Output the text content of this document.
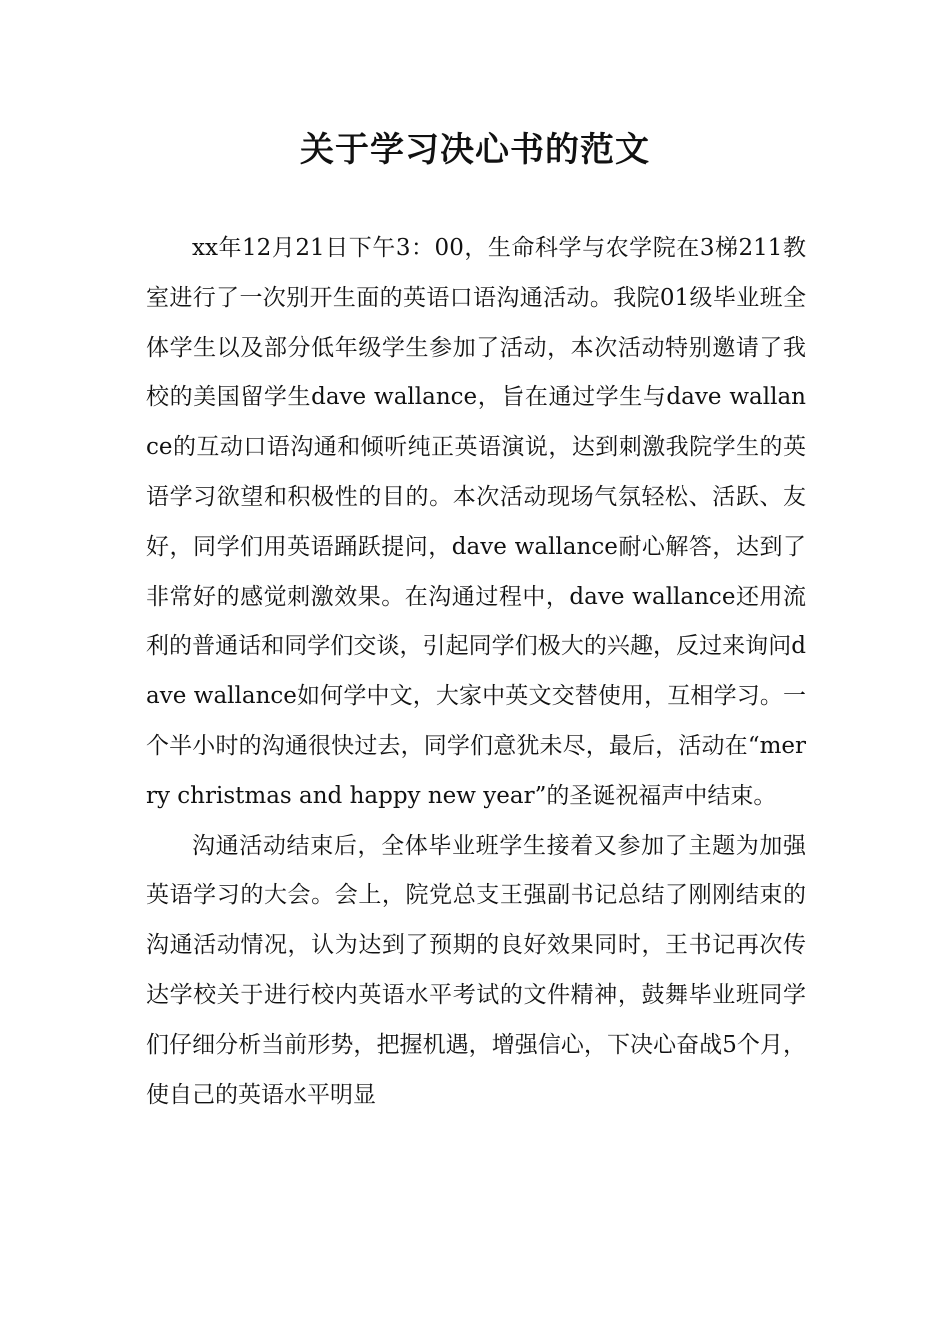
关于学习决心书的范文

xx年12月21日下午3：00，生命科学与农学院在3梯211教室进行了一次别开生面的英语口语沟通活动。我院01级毕业班全体学生以及部分低年级学生参加了活动，本次活动特别邀请了我校的美国留学生dave wallance，旨在通过学生与dave wallance的互动口语沟通和倾听纯正英语演说，达到刺激我院学生的英语学习欲望和积极性的目的。本次活动现场气氛轻松、活跃、友好，同学们用英语踊跃提问，dave wallance耐心解答，达到了非常好的感觉刺激效果。在沟通过程中，dave wallance还用流利的普通话和同学们交谈，引起同学们极大的兴趣，反过来询问dave wallance如何学中文，大家中英文交替使用，互相学习。一个半小时的沟通很快过去，同学们意犹未尽，最后，活动在“merry christmas and happy new year”的圣诞祝福声中结束。

沟通活动结束后，全体毕业班学生接着又参加了主题为加强英语学习的大会。会上，院党总支王强副书记总结了刚刚结束的沟通活动情况，认为达到了预期的良好效果同时，王书记再次传达学校关于进行校内英语水平考试的文件精神，鼓舞毕业班同学们仔细分析当前形势，把握机遇，增强信心，下决心奋战5个月，使自己的英语水平明显
